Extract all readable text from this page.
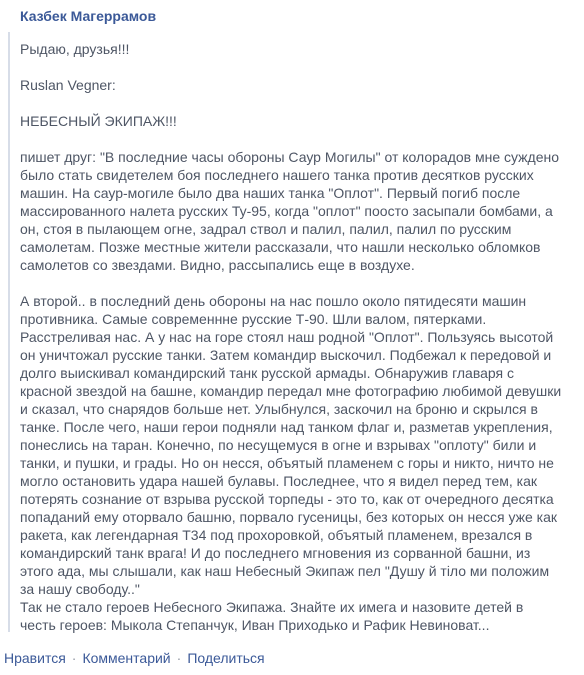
Казбек Магеррамов

Рыдаю, друзья!!!

Ruslan Vegner:

НЕБЕСНЫЙ ЭКИПАЖ!!!

пишет друг: "В последние часы обороны Саур Могилы" от колорадов мне суждено
было стать свидетелем боя последнего нашего танка против десятков русских
машин. На саур-могиле было два наших танка "Оплот". Первый погиб после
массированного налета русских Ту-95, когда "оплот" поосто засыпали бомбами, а
он, стоя в пылающем огне, задрал ствол и палил, палил, палил по русским
самолетам. Позже местные жители рассказали, что нашли несколько обломков
самолетов со звездами. Видно, рассыпались еще в воздухе.

А второй.. в последний день обороны на нас пошло около пятидесяти машин
противника. Самые современнне русские Т-90. Шли валом, пятерками.
Расстреливая нас. А у нас на горе стоял наш родной "Оплот". Пользуясь высотой
он уничтожал русские танки. Затем командир выскочил. Подбежал к передовой и
долго выискивал командирский танк русской армады. Обнаружив главаря с
красной звездой на башне, командир передал мне фотографию любимой девушки
и сказал, что снарядов больше нет. Улыбнулся, заскочил на броню и скрылся в
танке. После чего, наши герои подняли над танком флаг и, разметав укрепления,
понеслись на таран. Конечно, по несущемуся в огне и взрывах "оплоту" били и
танки, и пушки, и грады. Но он несся, объятый пламенем с горы и никто, ничто не
могло остановить удара нашей булавы. Последнее, что я видел перед тем, как
потерять сознание от взрыва русской торпеды - это то, как от очередного десятка
попаданий ему оторвало башню, порвало гусеницы, без которых он несся уже как
ракета, как легендарная Т34 под прохоровкой, объятый пламенем, врезался в
командирский танк врага! И до последнего мгновения из сорванной башни, из
этого ада, мы слышали, как наш Небесный Экипаж пел "Душу й тіло ми положим
за нашу свободу.."

Так не стало героев Небесного Экипажа. Знайте их имега и назовите детей в
честь героев: Мыкола Степанчук, Иван Приходько и Рафик Невиноват...

Нравится · Комментарий · Поделиться
